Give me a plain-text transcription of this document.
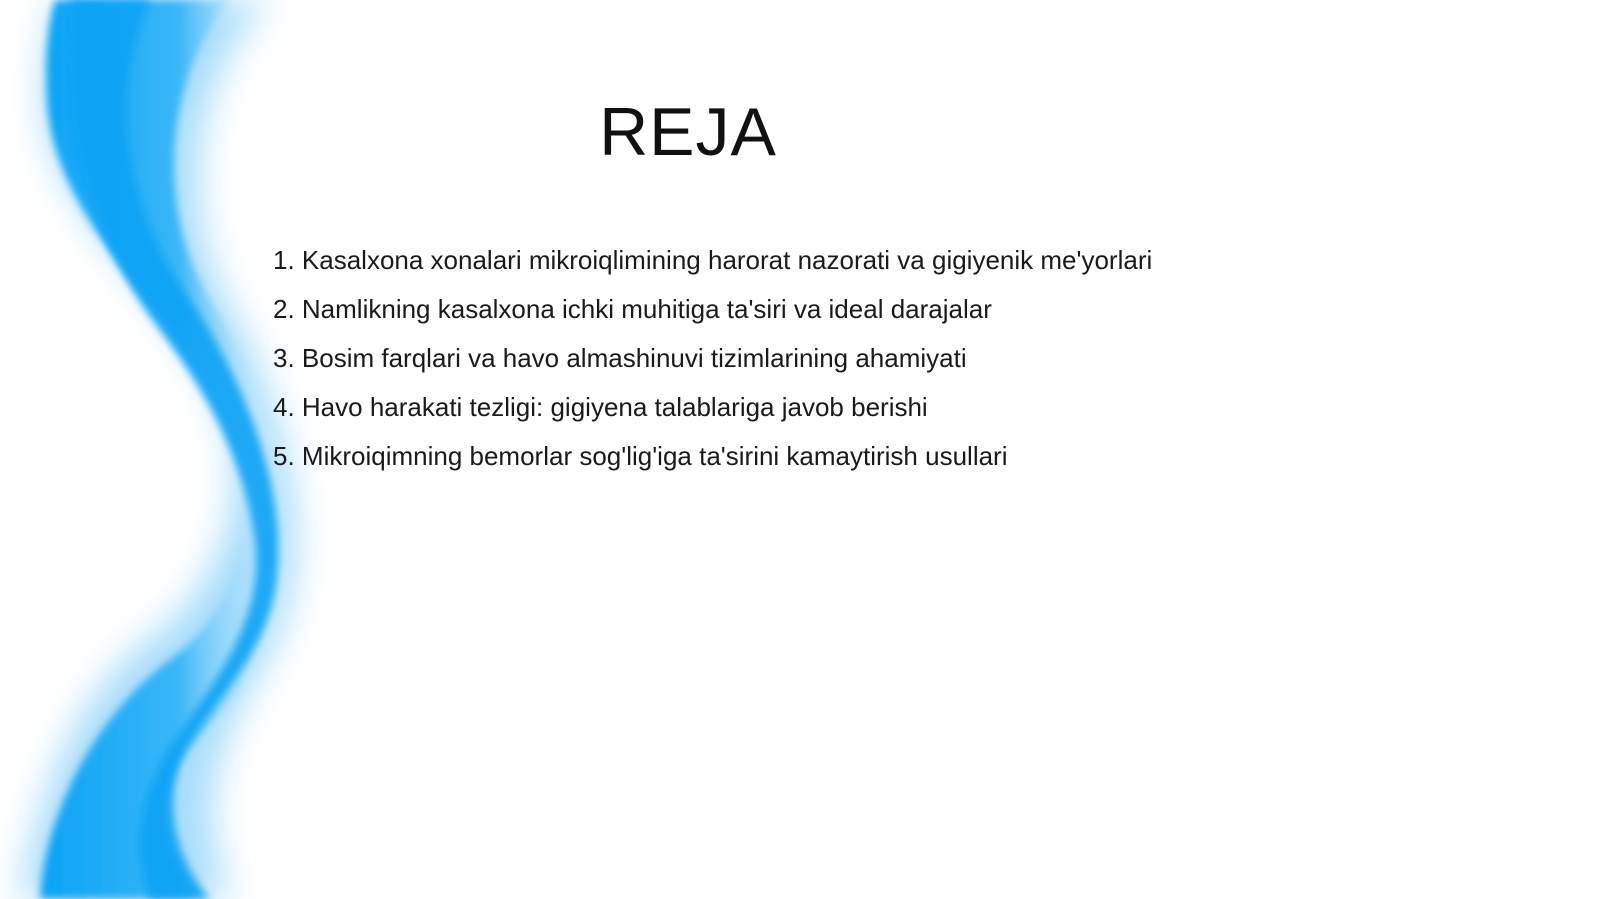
REJA
1. Kasalxona xonalari mikroiqlimining harorat nazorati va gigiyenik me'yorlari
2. Namlikning kasalxona ichki muhitiga ta'siri va ideal darajalar
3. Bosim farqlari va havo almashinuvi tizimlarining ahamiyati
4. Havo harakati tezligi: gigiyena talablariga javob berishi
5. Mikroiqimning bemorlar sog'lig'iga ta'sirini kamaytirish usullari
